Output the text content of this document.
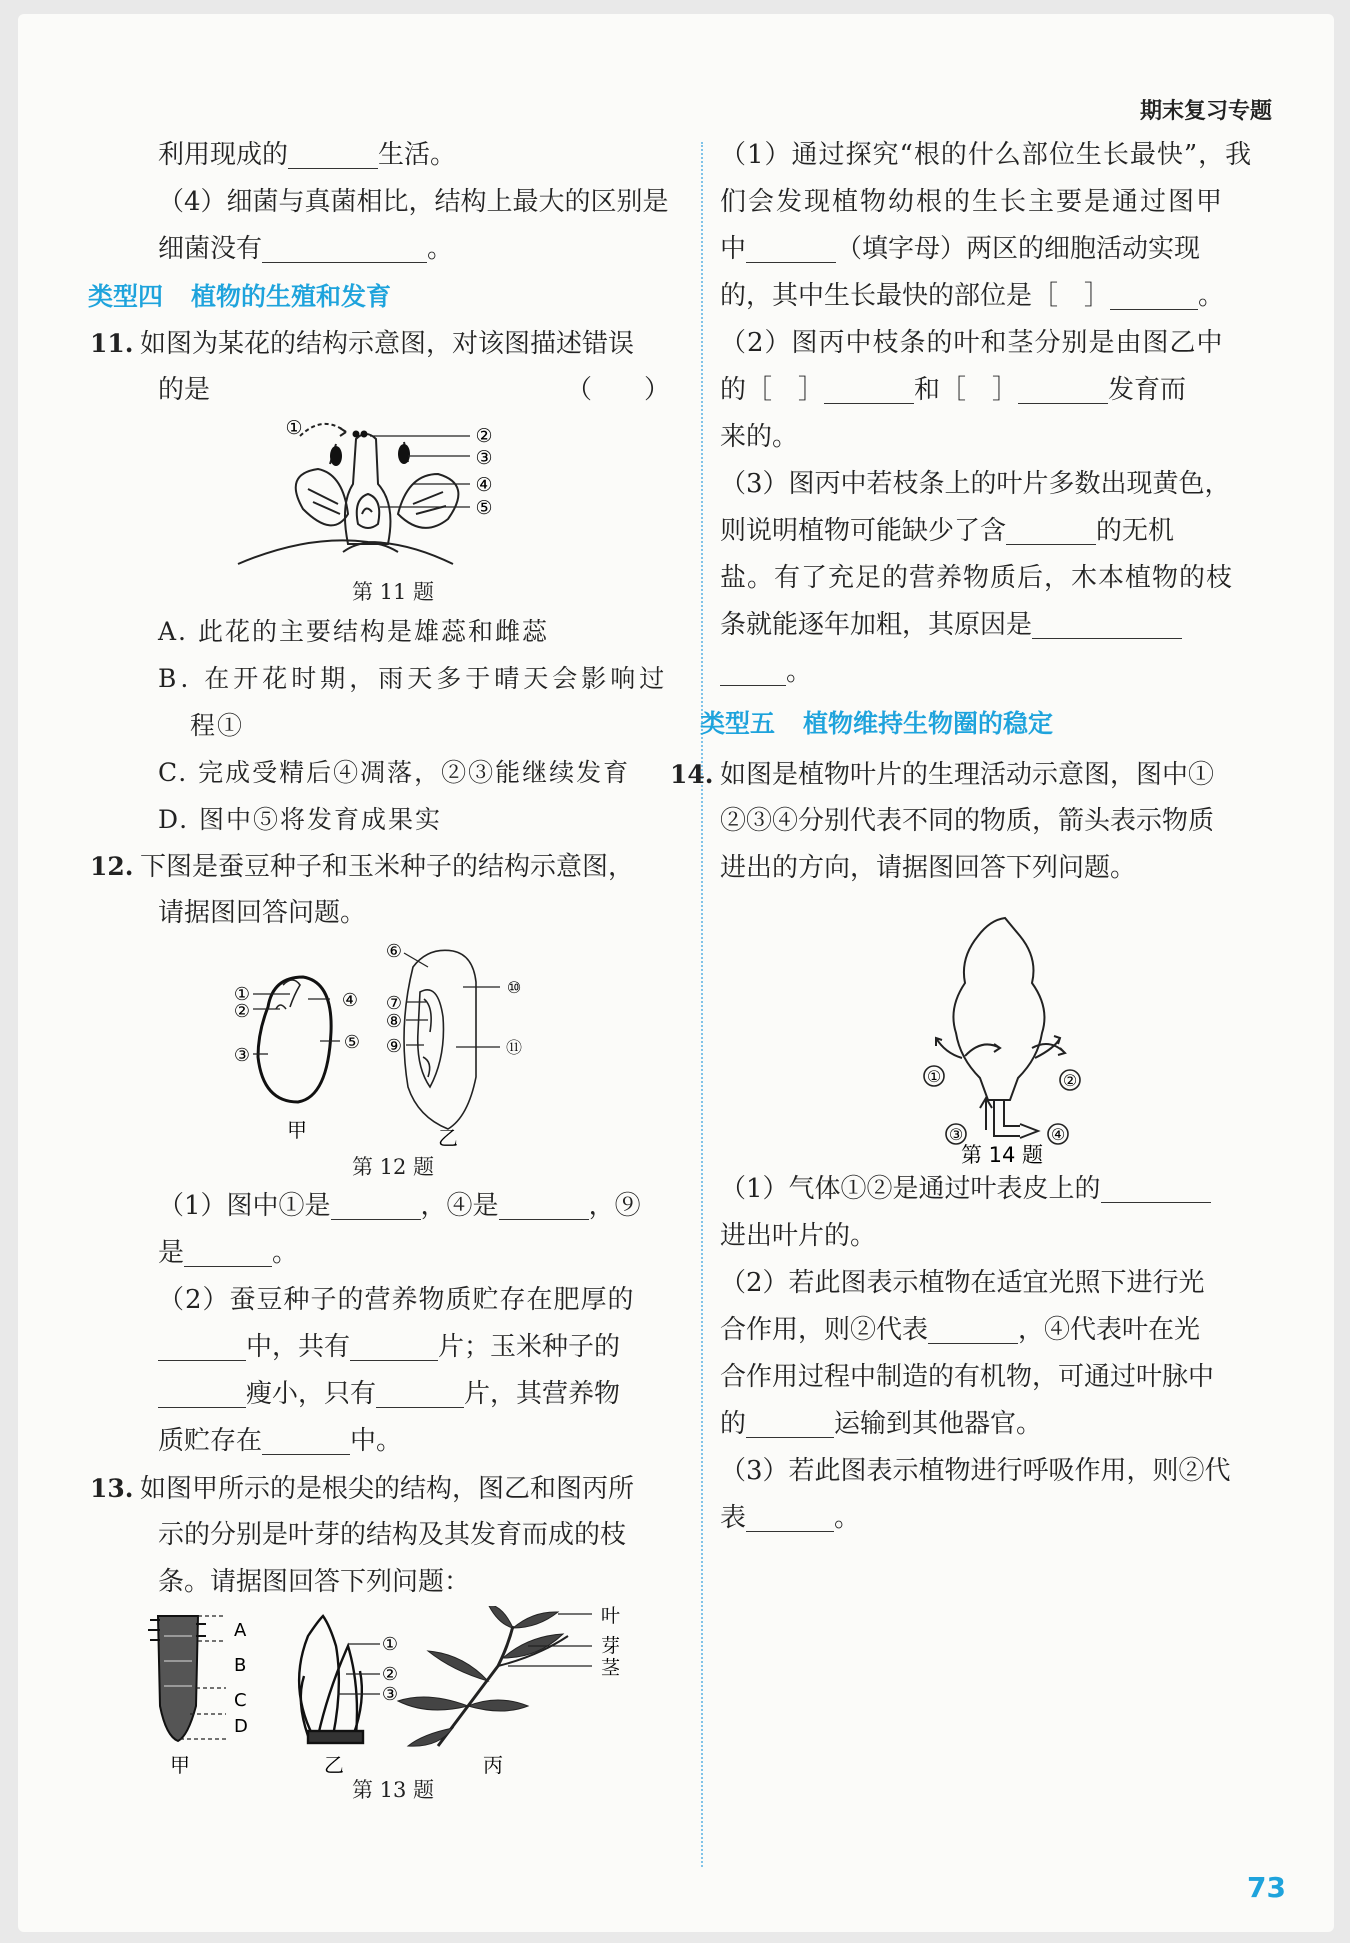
期末复习专题
利用现成的	生活。
（4）细菌与真菌相比，结构上最大的区别是
细菌没有	。
类型四 植物的生殖和发育
11. 如图为某花的结构示意图，对该图描述错误
的是	（　　）
①	②
③
④
⑤
第 11 题
A. 此花的主要结构是雄蕊和雌蕊
B. 在开花时期，雨天多于晴天会影响过
程①
C. 完成受精后④凋落，②③能继续发育
D. 图中⑤将发育成果实
12. 下图是蚕豆种子和玉米种子的结构示意图，
请据图回答问题。
①
②
③
④
⑤
⑥
⑦
⑧
⑨
⑩
⑪
甲	乙
第 12 题
（1）图中①是	，④是	，⑨
是	。
（2）蚕豆种子的营养物质贮存在肥厚的
中，共有	片；玉米种子的
瘦小，只有	片，其营养物
质贮存在	中。
13. 如图甲所示的是根尖的结构，图乙和图丙所
示的分别是叶芽的结构及其发育而成的枝
条。请据图回答下列问题：
A
B
C
D
①
②
③
叶
芽
茎
甲	乙	丙
第 13 题
（1）通过探究“根的什么部位生长最快”，我
们会发现植物幼根的生长主要是通过图甲
中	（填字母）两区的细胞活动实现
的，其中生长最快的部位是［　］	。
（2）图丙中枝条的叶和茎分别是由图乙中
的［　］	和［　］	发育而
来的。
（3）图丙中若枝条上的叶片多数出现黄色，
则说明植物可能缺少了含	的无机
盐。有了充足的营养物质后，木本植物的枝
条就能逐年加粗，其原因是
。
类型五 植物维持生物圈的稳定
14. 如图是植物叶片的生理活动示意图，图中①
②③④分别代表不同的物质，箭头表示物质
进出的方向，请据图回答下列问题。
①	②
③	④
第 14 题
（1）气体①②是通过叶表皮上的
进出叶片的。
（2）若此图表示植物在适宜光照下进行光
合作用，则②代表	，④代表叶在光
合作用过程中制造的有机物，可通过叶脉中
的	运输到其他器官。
（3）若此图表示植物进行呼吸作用，则②代
表	。
73
